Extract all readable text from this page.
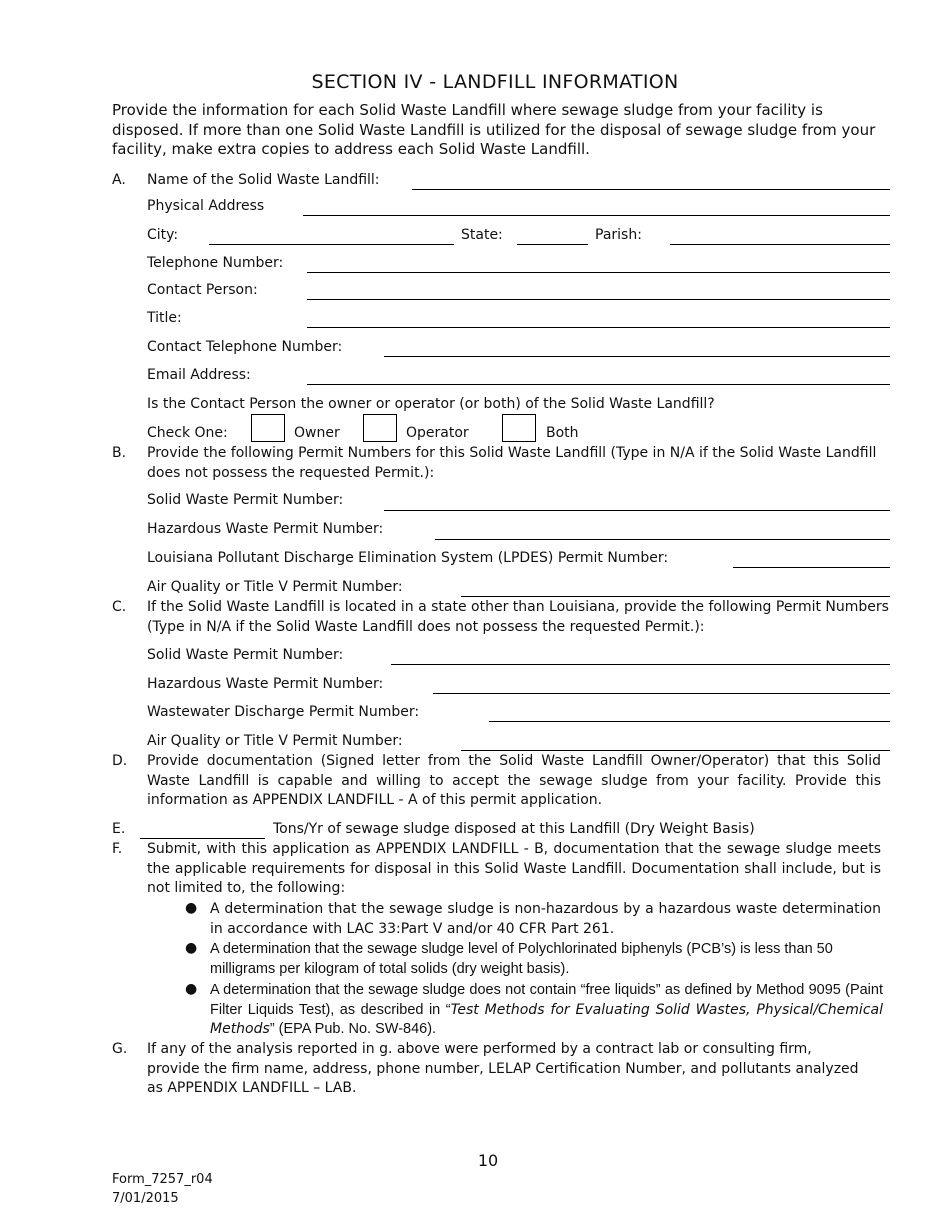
SECTION IV - LANDFILL INFORMATION
Provide the information for each Solid Waste Landfill where sewage sludge from your facility is disposed. If more than one Solid Waste Landfill is utilized for the disposal of sewage sludge from your facility, make extra copies to address each Solid Waste Landfill.
A. Name of the Solid Waste Landfill:
Physical Address
City:	State:	Parish:
Telephone Number:
Contact Person:
Title:
Contact Telephone Number:
Email Address:
Is the Contact Person the owner or operator (or both) of the Solid Waste Landfill?
Check One:	Owner	Operator	Both
B. Provide the following Permit Numbers for this Solid Waste Landfill (Type in N/A if the Solid Waste Landfill does not possess the requested Permit.):
Solid Waste Permit Number:
Hazardous Waste Permit Number:
Louisiana Pollutant Discharge Elimination System (LPDES) Permit Number:
Air Quality or Title V Permit Number:
C. If the Solid Waste Landfill is located in a state other than Louisiana, provide the following Permit Numbers (Type in N/A if the Solid Waste Landfill does not possess the requested Permit.):
Solid Waste Permit Number:
Hazardous Waste Permit Number:
Wastewater Discharge Permit Number:
Air Quality or Title V Permit Number:
D. Provide documentation (Signed letter from the Solid Waste Landfill Owner/Operator) that this Solid Waste Landfill is capable and willing to accept the sewage sludge from your facility. Provide this information as APPENDIX LANDFILL - A of this permit application.
E.	Tons/Yr of sewage sludge disposed at this Landfill (Dry Weight Basis)
F. Submit, with this application as APPENDIX LANDFILL - B, documentation that the sewage sludge meets the applicable requirements for disposal in this Solid Waste Landfill. Documentation shall include, but is not limited to, the following:
● A determination that the sewage sludge is non-hazardous by a hazardous waste determination in accordance with LAC 33:Part V and/or 40 CFR Part 261.
● A determination that the sewage sludge level of Polychlorinated biphenyls (PCB’s) is less than 50 milligrams per kilogram of total solids (dry weight basis).
● A determination that the sewage sludge does not contain “free liquids” as defined by Method 9095 (Paint Filter Liquids Test), as described in “Test Methods for Evaluating Solid Wastes, Physical/Chemical Methods” (EPA Pub. No. SW-846).
G. If any of the analysis reported in g. above were performed by a contract lab or consulting firm, provide the firm name, address, phone number, LELAP Certification Number, and pollutants analyzed as APPENDIX LANDFILL – LAB.
10
Form_7257_r04
7/01/2015
